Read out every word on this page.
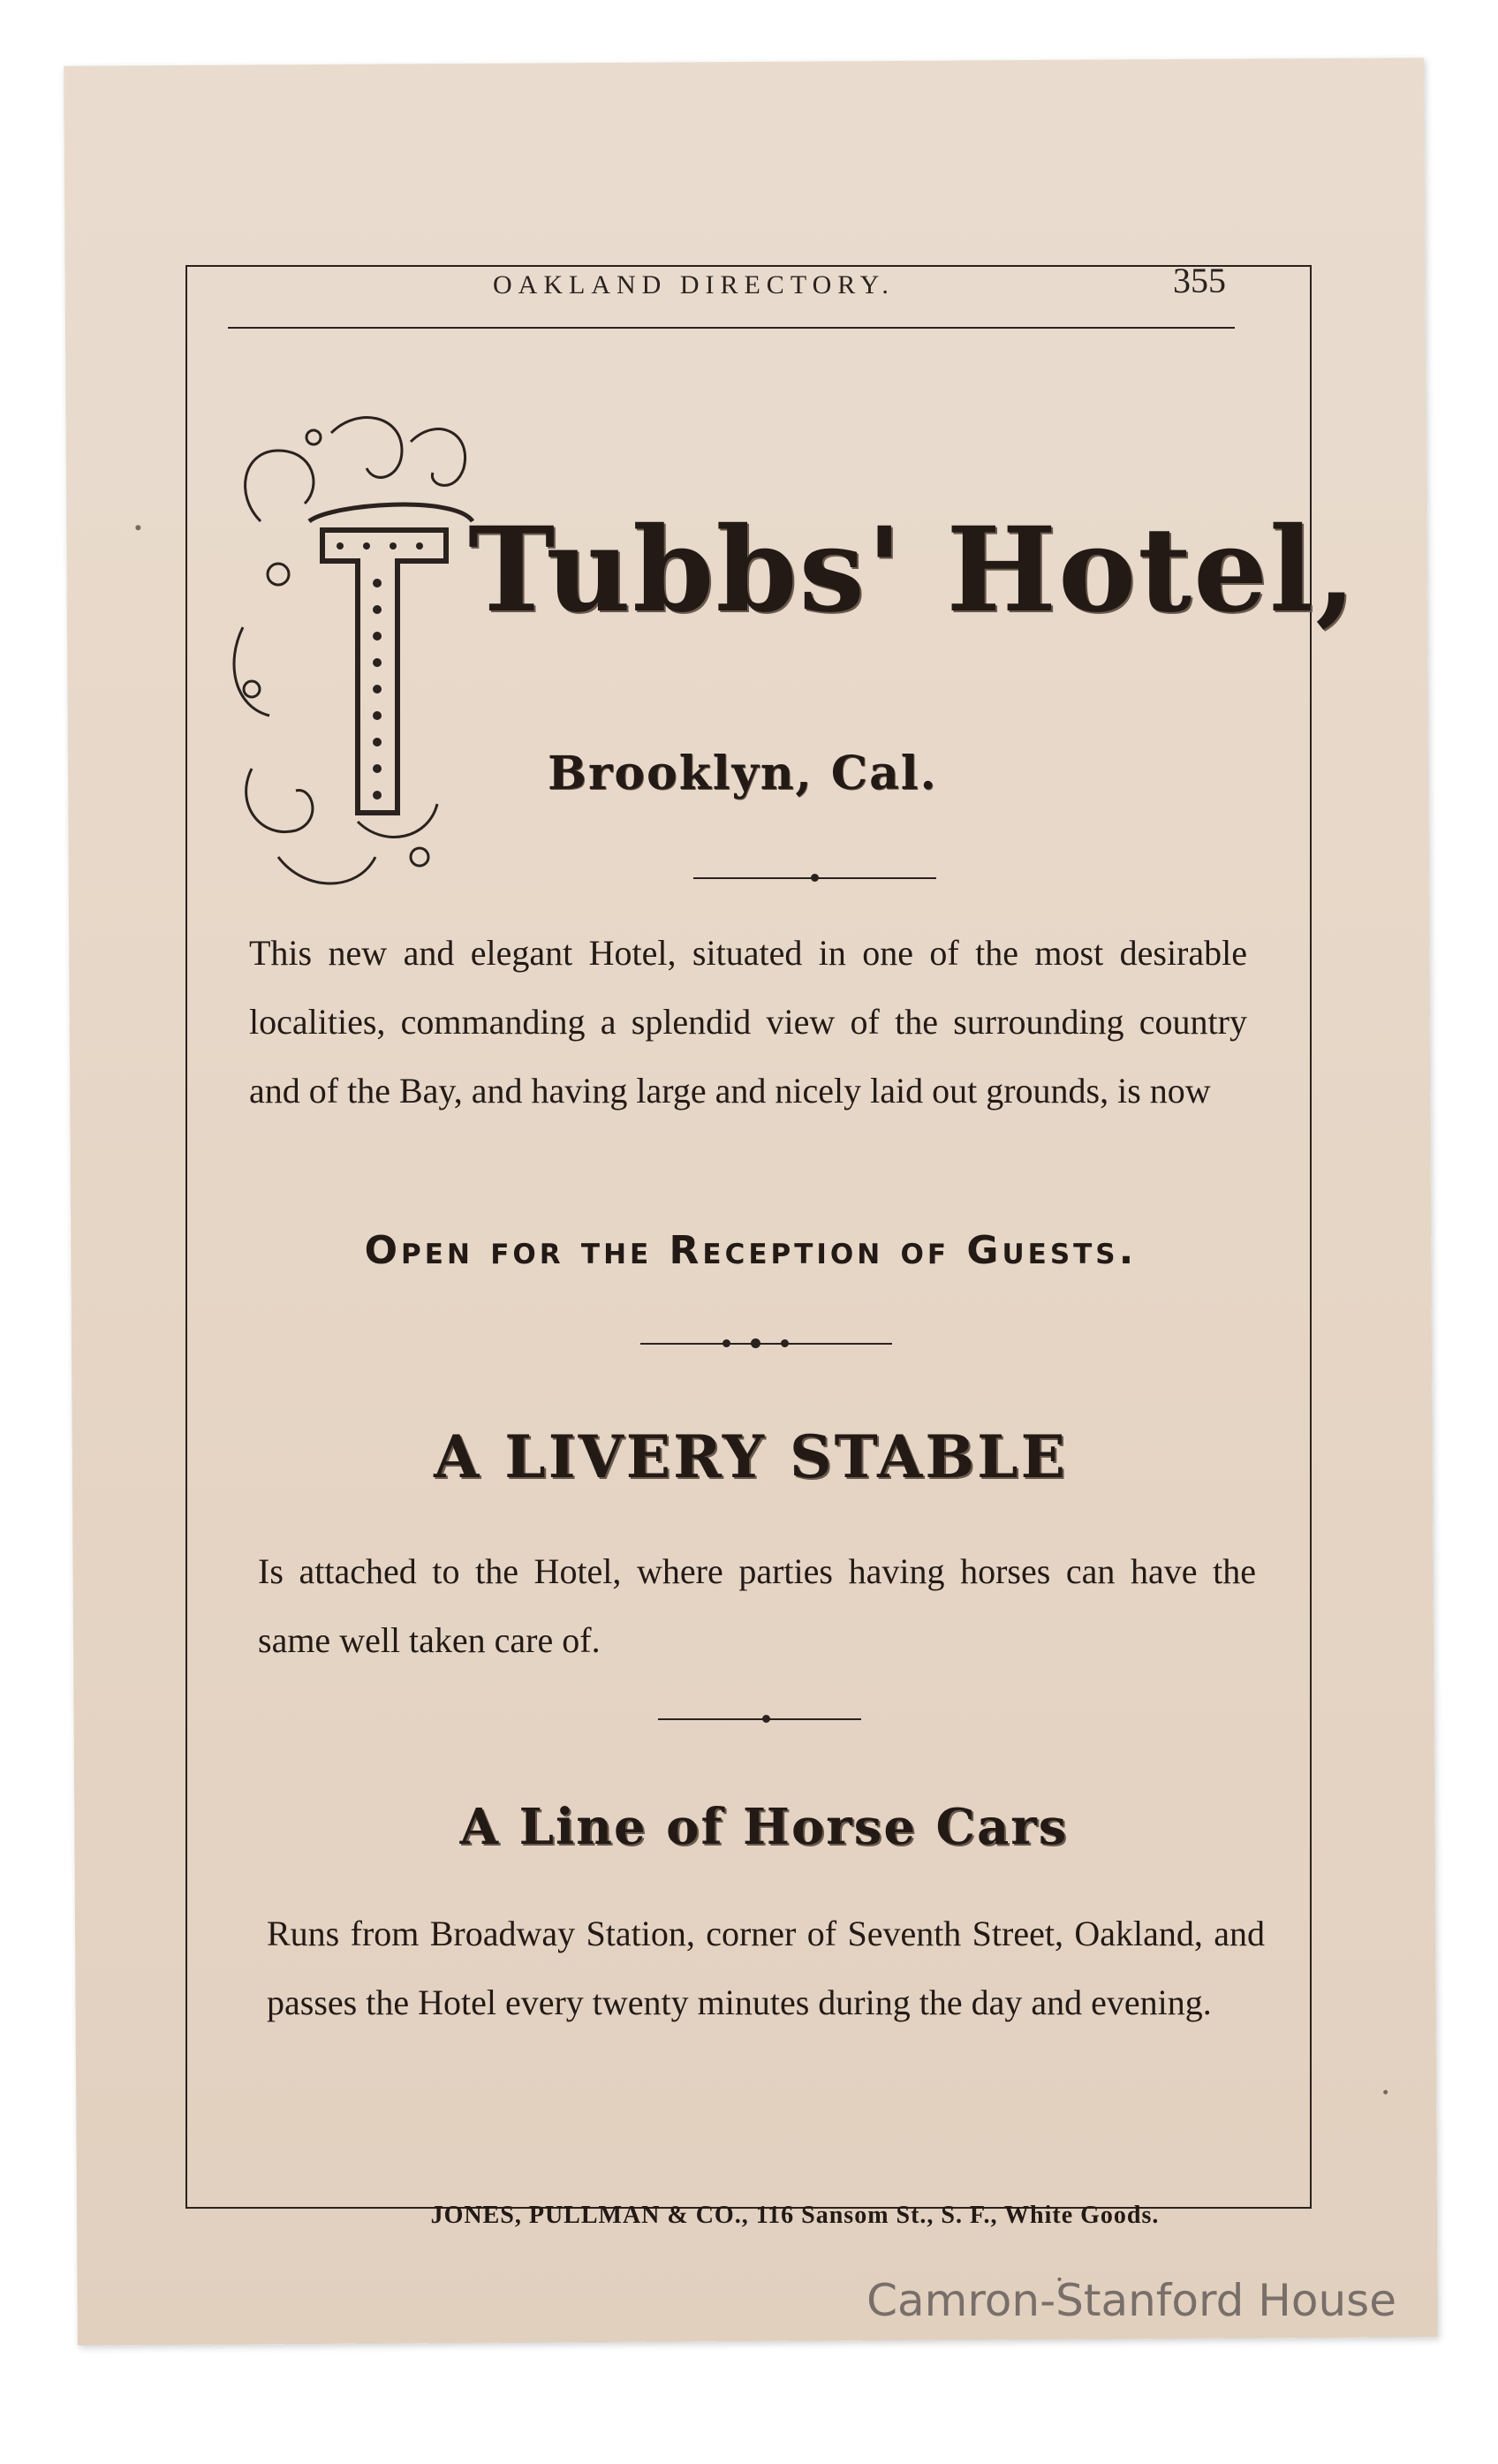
OAKLAND DIRECTORY.	355
Tubbs' Hotel,
Brooklyn, Cal.

This new and elegant Hotel, situated in one of the most desirable localities, commanding a splendid view of the surrounding country and of the Bay, and having large and nicely laid out grounds, is now

Open for the Reception of Guests.
A LIVERY STABLE

Is attached to the Hotel, where parties having horses can have the same well taken care of.

A Line of Horse Cars

Runs from Broadway Station, corner of Seventh Street, Oakland, and passes the Hotel every twenty minutes during the day and evening.

JONES, PULLMAN & CO., 116 Sansom St., S. F., White Goods.
Camron-Stanford House
